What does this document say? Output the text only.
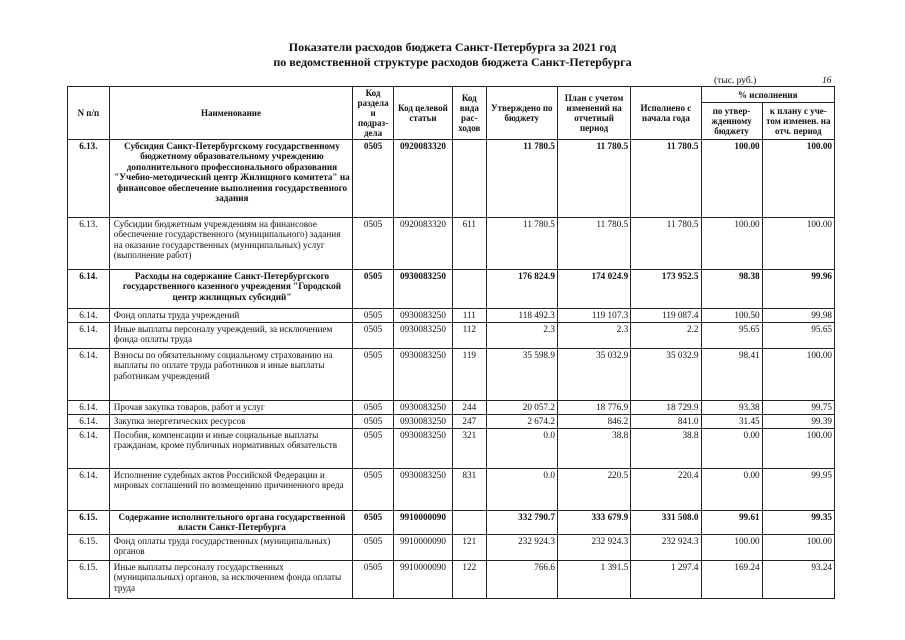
Показатели расходов бюджета Санкт-Петербурга за 2021 год
по ведомственной структуре расходов бюджета Санкт-Петербурга
(тыс. руб.)	16
N п/п	Наименование	Код раздела и подраз-дела	Код целевой статьи	Код вида рас-ходов	Утверждено по бюджету	План с учетом изменений на отчетный период	Исполнено с начала года	% исполнения	
								по утвер-жденному бюджету	к плану с уче-том изменен. на отч. период
6.13.	Субсидия Санкт-Петербургскому государственному бюджетному образовательному учреждению дополнительного профессионального образования "Учебно-методический центр Жилищного комитета" на финансовое обеспечение выполнения государственного задания	0505	0920083320		11 780.5	11 780.5	11 780.5	100.00	100.00
6.13.	Субсидии бюджетным учреждениям на финансовое обеспечение государственного (муниципального) задания на оказание государственных (муниципальных) услуг (выполнение работ)	0505	0920083320	611	11 780.5	11 780.5	11 780.5	100.00	100.00
6.14.	Расходы на содержание Санкт-Петербургского государственного казенного учреждения "Городской центр жилищных субсидий"	0505	0930083250		176 824.9	174 024.9	173 952.5	98.38	99.96
6.14.	Фонд оплаты труда учреждений	0505	0930083250	111	118 492.3	119 107.3	119 087.4	100.50	99.98
6.14.	Иные выплаты персоналу учреждений, за исключением фонда оплаты труда	0505	0930083250	112	2.3	2.3	2.2	95.65	95.65
6.14.	Взносы по обязательному социальному страхованию на выплаты по оплате труда работников и иные выплаты работникам учреждений	0505	0930083250	119	35 598.9	35 032.9	35 032.9	98.41	100.00
6.14.	Прочая закупка товаров, работ и услуг	0505	0930083250	244	20 057.2	18 776.9	18 729.9	93.38	99.75
6.14.	Закупка энергетических ресурсов	0505	0930083250	247	2 674.2	846.2	841.0	31.45	99.39
6.14.	Пособия, компенсации и иные социальные выплаты гражданам, кроме публичных нормативных обязательств	0505	0930083250	321	0.0	38.8	38.8	0.00	100.00
6.14.	Исполнение судебных актов Российской Федерации и мировых соглашений по возмещению причиненного вреда	0505	0930083250	831	0.0	220.5	220.4	0.00	99.95
6.15.	Содержание исполнительного органа государственной власти Санкт-Петербурга	0505	9910000090		332 790.7	333 679.9	331 508.0	99.61	99.35
6.15.	Фонд оплаты труда государственных (муниципальных) органов	0505	9910000090	121	232 924.3	232 924.3	232 924.3	100.00	100.00
6.15.	Иные выплаты персоналу государственных (муниципальных) органов, за исключением фонда оплаты труда	0505	9910000090	122	766.6	1 391.5	1 297.4	169.24	93.24
